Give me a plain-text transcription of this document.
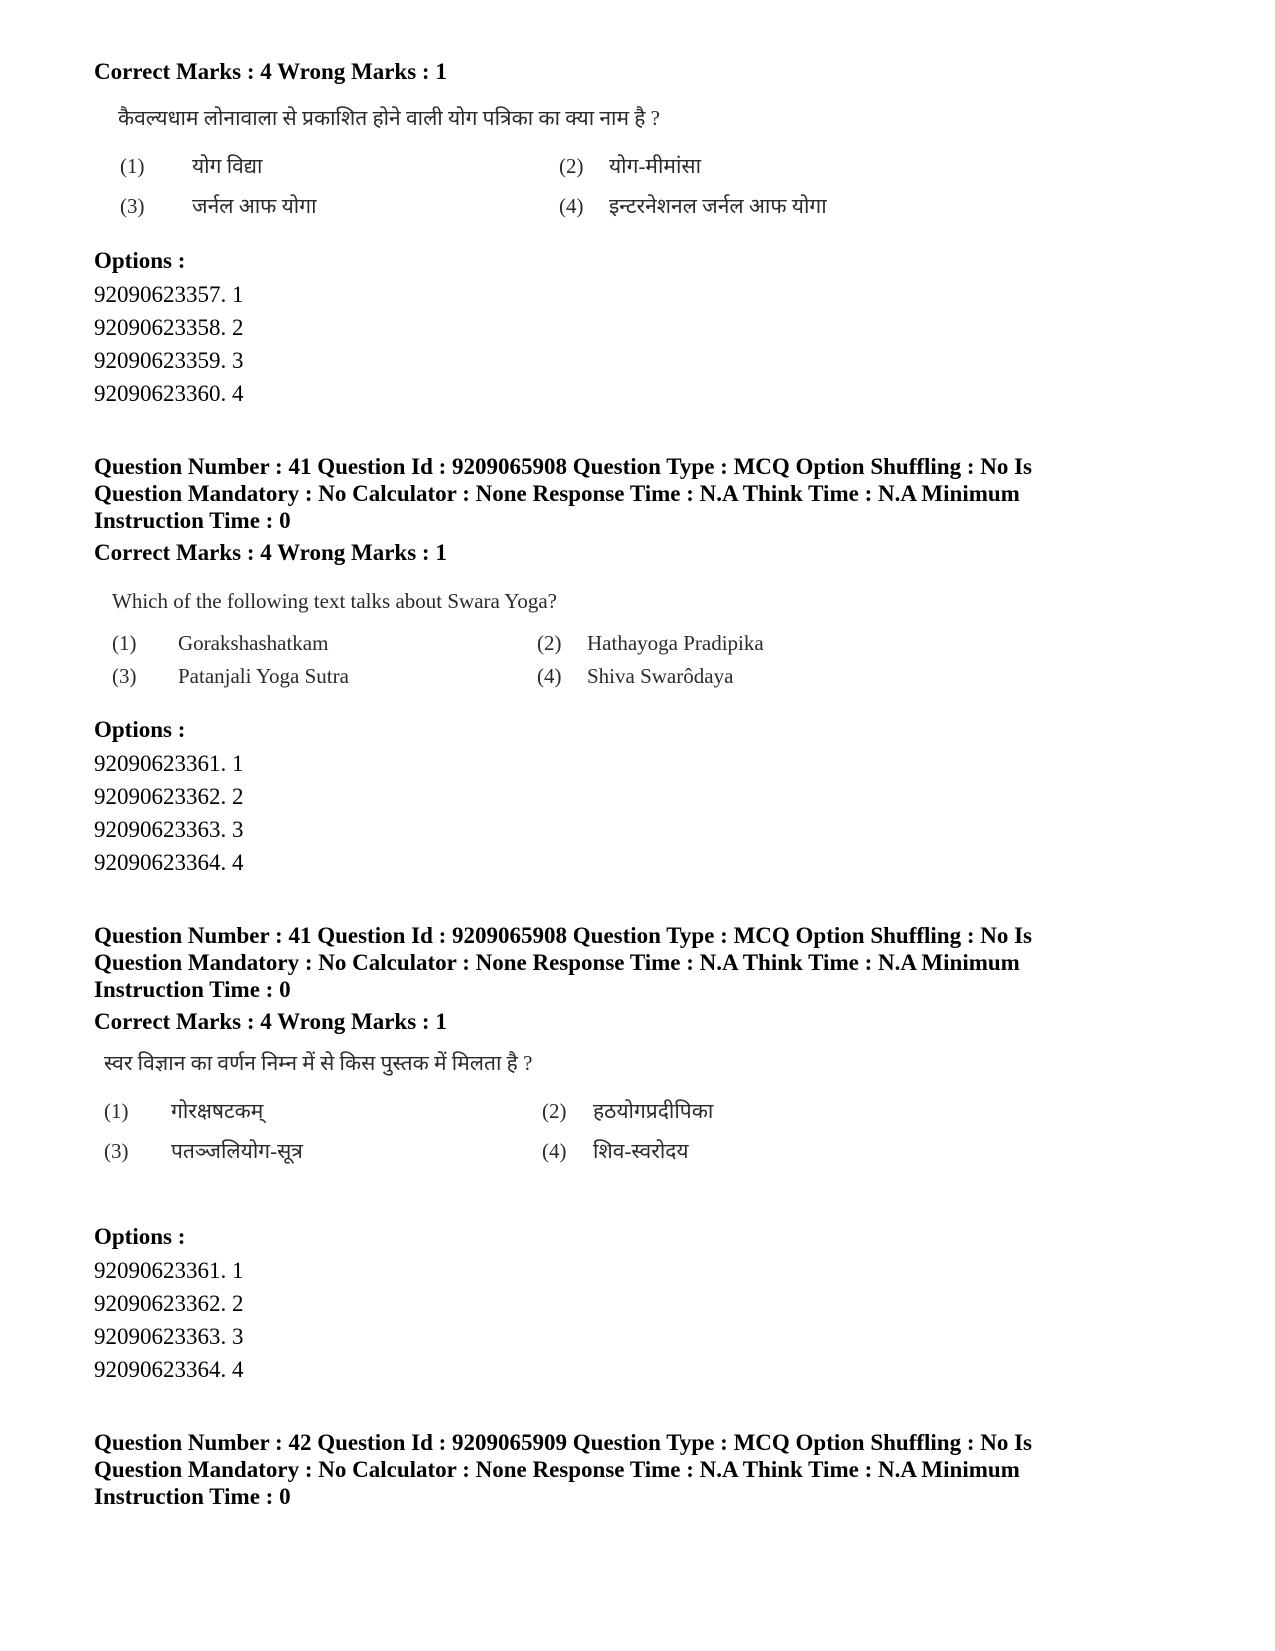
Correct Marks : 4 Wrong Marks : 1
कैवल्यधाम लोनावाला से प्रकाशित होने वाली योग पत्रिका का क्या नाम है ?
(1) योग विद्या	(2) योग-मीमांसा
(3) जर्नल आफ योगा	(4) इन्टरनेशनल जर्नल आफ योगा
Options :
92090623357. 1
92090623358. 2
92090623359. 3
92090623360. 4
Question Number : 41 Question Id : 9209065908 Question Type : MCQ Option Shuffling : No Is
Question Mandatory : No Calculator : None Response Time : N.A Think Time : N.A Minimum
Instruction Time : 0
Correct Marks : 4 Wrong Marks : 1
Which of the following text talks about Swara Yoga?
(1) Gorakshashatkam	(2) Hathayoga Pradipika
(3) Patanjali Yoga Sutra	(4) Shiva Swarôdaya
Options :
92090623361. 1
92090623362. 2
92090623363. 3
92090623364. 4
Question Number : 41 Question Id : 9209065908 Question Type : MCQ Option Shuffling : No Is
Question Mandatory : No Calculator : None Response Time : N.A Think Time : N.A Minimum
Instruction Time : 0
Correct Marks : 4 Wrong Marks : 1
स्वर विज्ञान का वर्णन निम्न में से किस पुस्तक में मिलता है ?
(1) गोरक्षषटकम्	(2) हठयोगप्रदीपिका
(3) पतञ्जलियोग-सूत्र	(4) शिव-स्वरोदय
Options :
92090623361. 1
92090623362. 2
92090623363. 3
92090623364. 4
Question Number : 42 Question Id : 9209065909 Question Type : MCQ Option Shuffling : No Is
Question Mandatory : No Calculator : None Response Time : N.A Think Time : N.A Minimum
Instruction Time : 0
